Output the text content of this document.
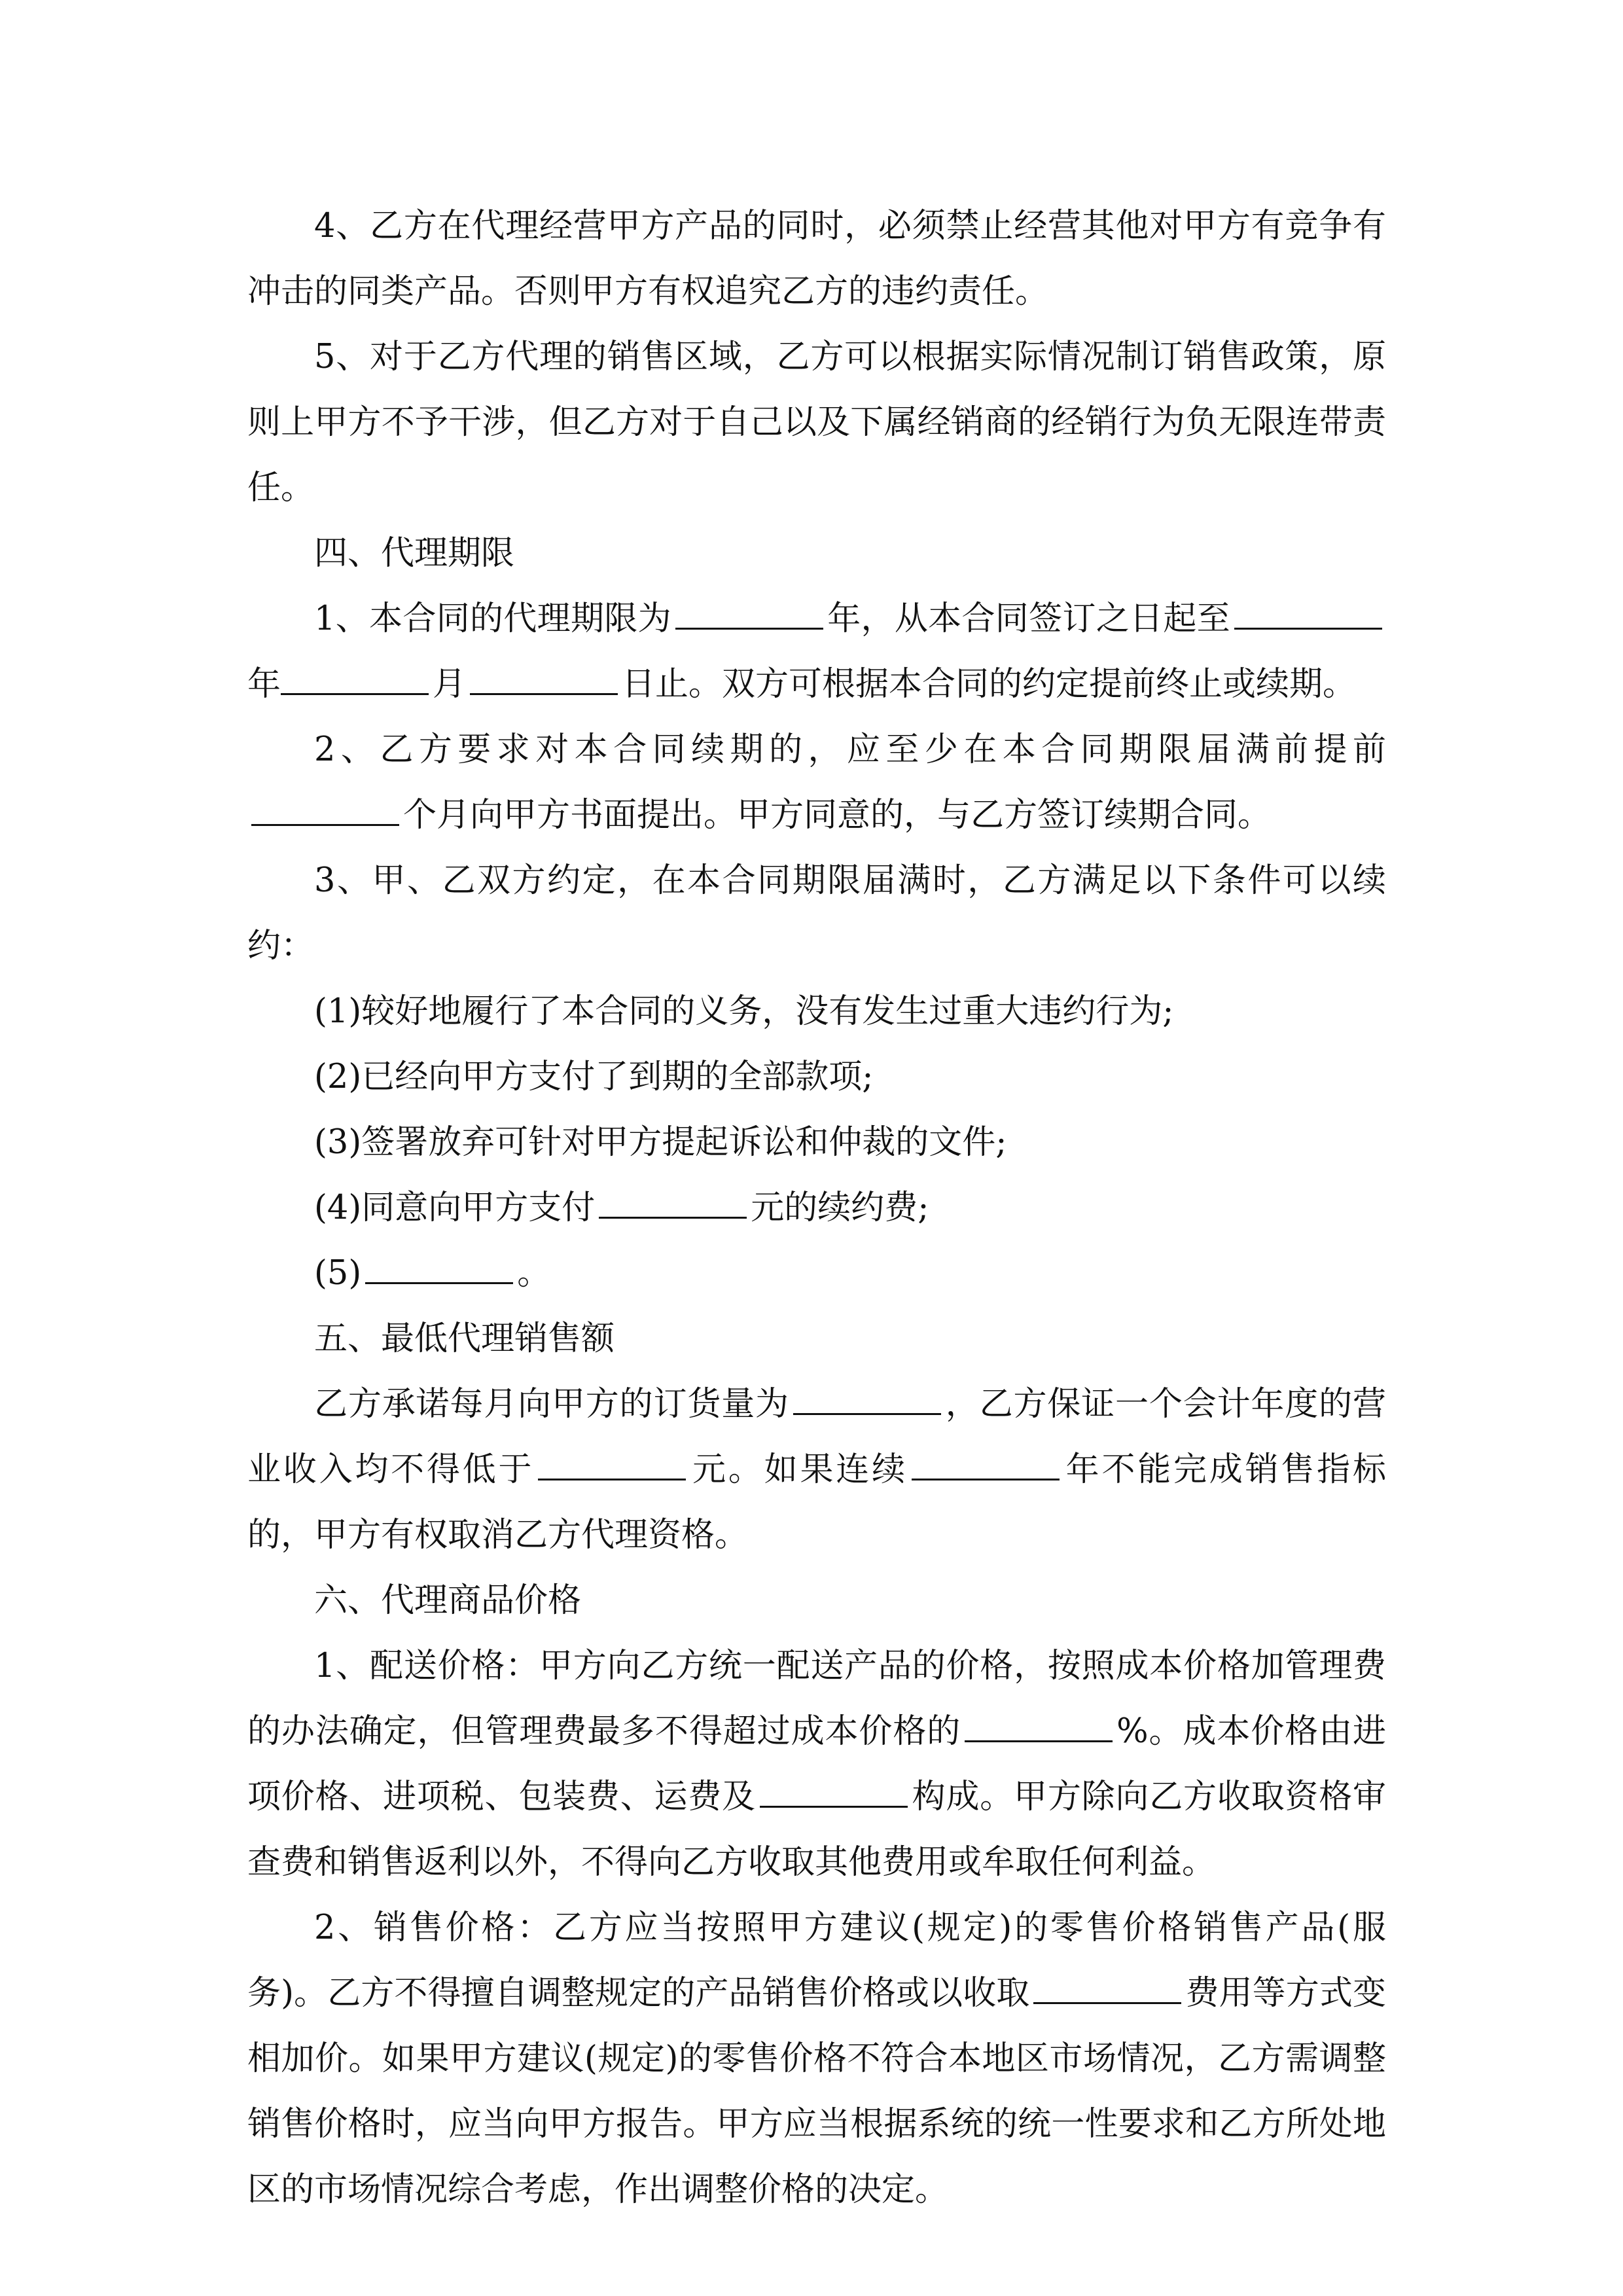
4、乙方在代理经营甲方产品的同时，必须禁止经营其他对甲方有竞争有冲击的同类产品。否则甲方有权追究乙方的违约责任。
5、对于乙方代理的销售区域，乙方可以根据实际情况制订销售政策，原则上甲方不予干涉，但乙方对于自己以及下属经销商的经销行为负无限连带责任。
四、代理期限
1、本合同的代理期限为	年，从本合同签订之日起至年	月	日止。双方可根据本合同的约定提前终止或续期。
2、乙方要求对本合同续期的，应至少在本合同期限届满前提前个月向甲方书面提出。甲方同意的，与乙方签订续期合同。
3、甲、乙双方约定，在本合同期限届满时，乙方满足以下条件可以续约：
(1)较好地履行了本合同的义务，没有发生过重大违约行为;
(2)已经向甲方支付了到期的全部款项;
(3)签署放弃可针对甲方提起诉讼和仲裁的文件;
(4)同意向甲方支付	元的续约费;
(5)	。
五、最低代理销售额
乙方承诺每月向甲方的订货量为	，乙方保证一个会计年度的营业收入均不得低于	元。如果连续	年不能完成销售指标的，甲方有权取消乙方代理资格。
六、代理商品价格
1、配送价格：甲方向乙方统一配送产品的价格，按照成本价格加管理费的办法确定，但管理费最多不得超过成本价格的	%。成本价格由进项价格、进项税、包装费、运费及	构成。甲方除向乙方收取资格审查费和销售返利以外，不得向乙方收取其他费用或牟取任何利益。
2、销售价格：乙方应当按照甲方建议(规定)的零售价格销售产品(服务)。乙方不得擅自调整规定的产品销售价格或以收取	费用等方式变相加价。如果甲方建议(规定)的零售价格不符合本地区市场情况，乙方需调整销售价格时，应当向甲方报告。甲方应当根据系统的统一性要求和乙方所处地区的市场情况综合考虑，作出调整价格的决定。
